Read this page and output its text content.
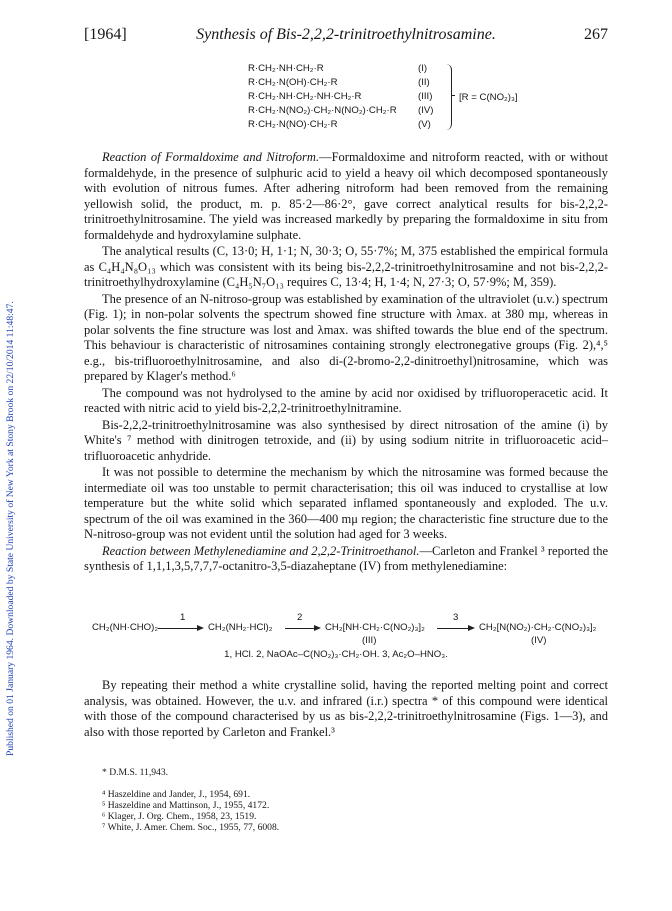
Published on 01 January 1964. Downloaded by State University of New York at Stony Brook on 22/10/2014 11:48:47.
[1964]	Synthesis of Bis-2,2,2-trinitroethylnitrosamine.	267
R·CH₂·NH·CH₂·R	(I)
R·CH₂·N(OH)·CH₂·R	(II)
R·CH₂·NH·CH₂·NH·CH₂·R	(III)
R·CH₂·N(NO₂)·CH₂·N(NO₂)·CH₂·R (IV)
R·CH₂·N(NO)·CH₂·R	(V)
[R = C(NO₂)₃]

Reaction of Formaldoxime and Nitroform.—Formaldoxime and nitroform reacted, with or without formaldehyde, in the presence of sulphuric acid to yield a heavy oil which decomposed spontaneously with evolution of nitrous fumes. After adhering nitroform had been removed from the remaining yellowish solid, the product, m. p. 85·2—86·2°, gave correct analytical results for bis-2,2,2-trinitroethylnitrosamine. The yield was increased markedly by preparing the formaldoxime in situ from formaldehyde and hydroxylamine sulphate.

The analytical results (C, 13·0; H, 1·1; N, 30·3; O, 55·7%; M, 375 established the empirical formula as C₄H₄N₈O₁₃ which was consistent with its being bis-2,2,2-trinitroethylnitrosamine and not bis-2,2,2-trinitroethylhydroxylamine (C₄H₅N₇O₁₃ requires C, 13·4; H, 1·4; N, 27·3; O, 57·9%; M, 359).

The presence of an N-nitroso-group was established by examination of the ultraviolet (u.v.) spectrum (Fig. 1); in non-polar solvents the spectrum showed fine structure with λmax. at 380 mμ, whereas in polar solvents the fine structure was lost and λmax. was shifted towards the blue end of the spectrum. This behaviour is characteristic of nitrosamines containing strongly electronegative groups (Fig. 2),⁴,⁵ e.g., bis-trifluoroethylnitrosamine, and also di-(2-bromo-2,2-dinitroethyl)nitrosamine, which was prepared by Klager's method.⁶

The compound was not hydrolysed to the amine by acid nor oxidised by trifluoroperacetic acid. It reacted with nitric acid to yield bis-2,2,2-trinitroethylnitramine.

Bis-2,2,2-trinitroethylnitrosamine was also synthesised by direct nitrosation of the amine (i) by White's ⁷ method with dinitrogen tetroxide, and (ii) by using sodium nitrite in trifluoroacetic acid–trifluoroacetic anhydride.

It was not possible to determine the mechanism by which the nitrosamine was formed because the intermediate oil was too unstable to permit characterisation; this oil was induced to crystallise at low temperature but the white solid which separated inflamed spontaneously and exploded. The u.v. spectrum of the oil was examined in the 360—400 mμ region; the characteristic fine structure due to the N-nitroso-group was not evident until the solution had aged for 3 weeks.

Reaction between Methylenediamine and 2,2,2-Trinitroethanol.—Carleton and Frankel ³ reported the synthesis of 1,1,1,3,5,7,7,7-octanitro-3,5-diazaheptane (IV) from methylenediamine:

CH₂(NH·CHO)₂
1
CH₂(NH₂·HCl)₂
2
CH₂[NH·CH₂·C(NO₂)₃]₂
3
CH₂[N(NO₂)·CH₂·C(NO₂)₃]₂
(III)	(IV)
1, HCl. 2, NaOAc–C(NO₂)₃·CH₂·OH. 3, Ac₂O–HNO₃.

By repeating their method a white crystalline solid, having the reported melting point and correct analysis, was obtained. However, the u.v. and infrared (i.r.) spectra * of this compound were identical with those of the compound characterised by us as bis-2,2,2-trinitroethylnitrosamine (Figs. 1—3), and also with those reported by Carleton and Frankel.³

* D.M.S. 11,943.
⁴ Haszeldine and Jander, J., 1954, 691.
⁵ Haszeldine and Mattinson, J., 1955, 4172.
⁶ Klager, J. Org. Chem., 1958, 23, 1519.
⁷ White, J. Amer. Chem. Soc., 1955, 77, 6008.
